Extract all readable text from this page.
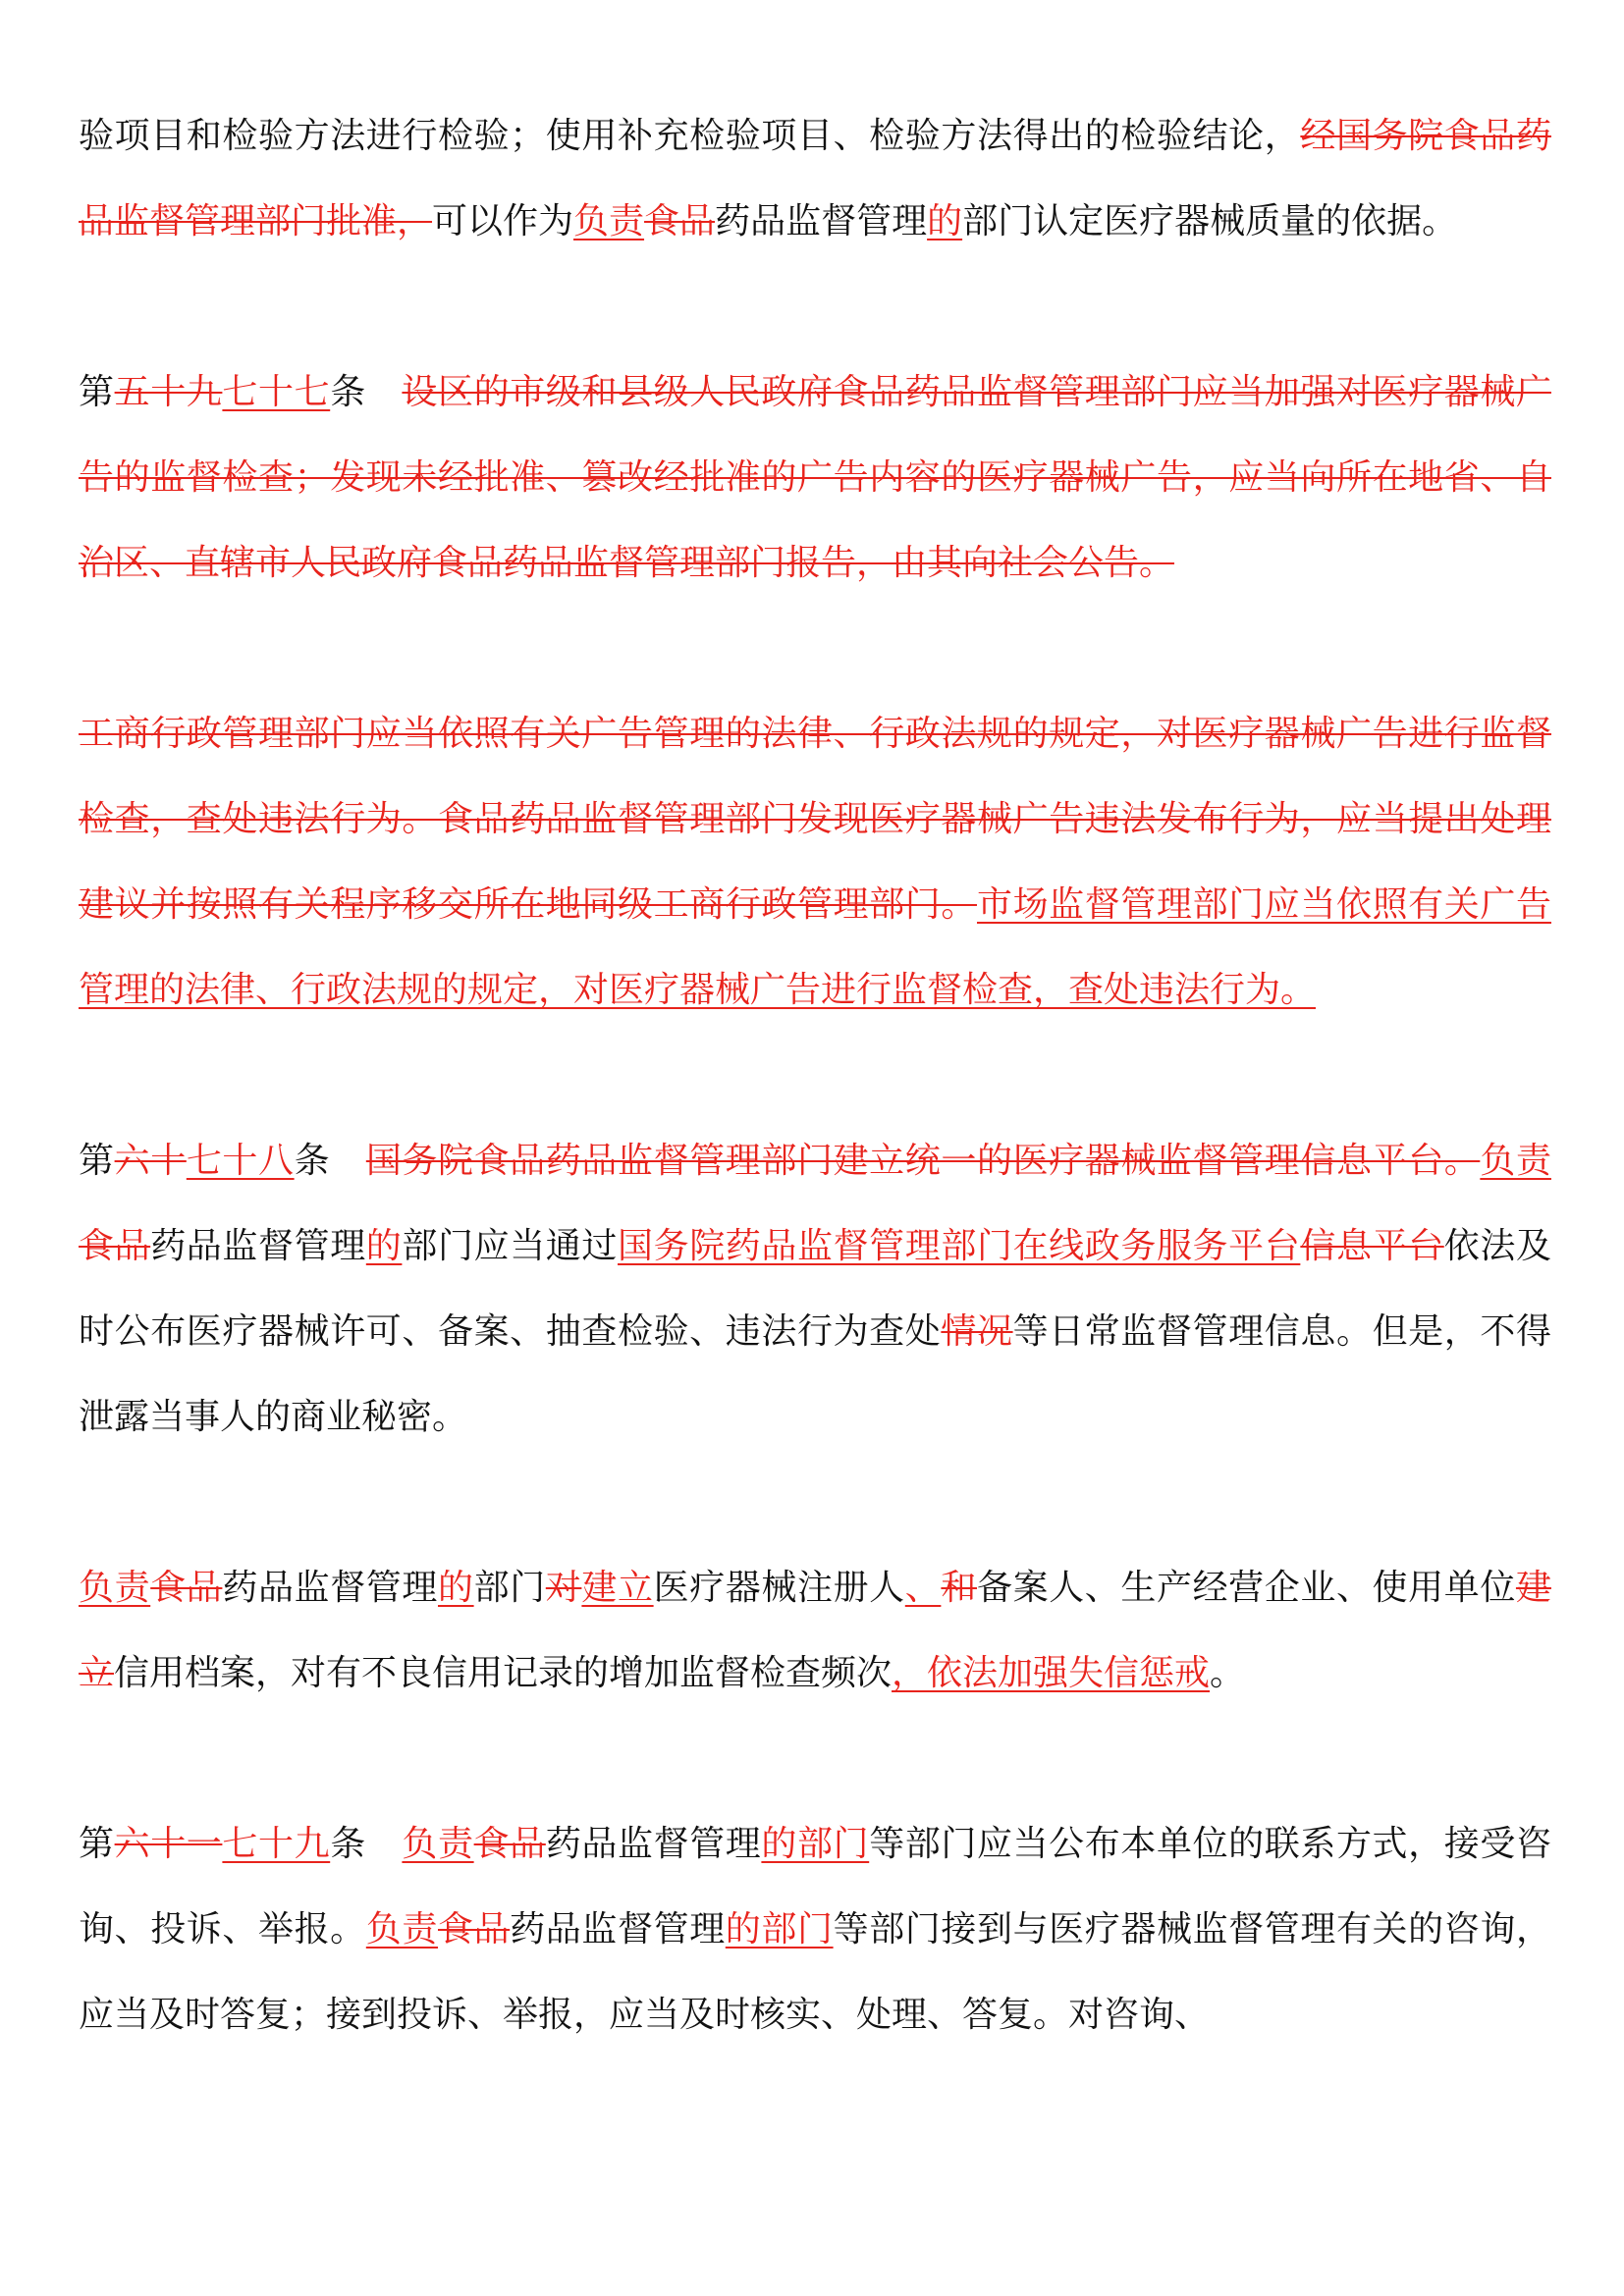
验项目和检验方法进行检验；使用补充检验项目、检验方法得出的检验结论，经国务院食品药品监督管理部门批准，可以作为负责食品药品监督管理的部门认定医疗器械质量的依据。

第五十九七十七条　设区的市级和县级人民政府食品药品监督管理部门应当加强对医疗器械广告的监督检查；发现未经批准、篡改经批准的广告内容的医疗器械广告，应当向所在地省、自治区、直辖市人民政府食品药品监督管理部门报告，由其向社会公告。

工商行政管理部门应当依照有关广告管理的法律、行政法规的规定，对医疗器械广告进行监督检查，查处违法行为。食品药品监督管理部门发现医疗器械广告违法发布行为，应当提出处理建议并按照有关程序移交所在地同级工商行政管理部门。市场监督管理部门应当依照有关广告管理的法律、行政法规的规定，对医疗器械广告进行监督检查，查处违法行为。

第六十七十八条　国务院食品药品监督管理部门建立统一的医疗器械监督管理信息平台。负责食品药品监督管理的部门应当通过国务院药品监督管理部门在线政务服务平台信息平台依法及时公布医疗器械许可、备案、抽查检验、违法行为查处情况等日常监督管理信息。但是，不得泄露当事人的商业秘密。

负责食品药品监督管理的部门对建立医疗器械注册人、和备案人、生产经营企业、使用单位建立信用档案，对有不良信用记录的增加监督检查频次，依法加强失信惩戒。

第六十一七十九条　负责食品药品监督管理的部门等部门应当公布本单位的联系方式，接受咨询、投诉、举报。负责食品药品监督管理的部门等部门接到与医疗器械监督管理有关的咨询，应当及时答复；接到投诉、举报，应当及时核实、处理、答复。对咨询、
